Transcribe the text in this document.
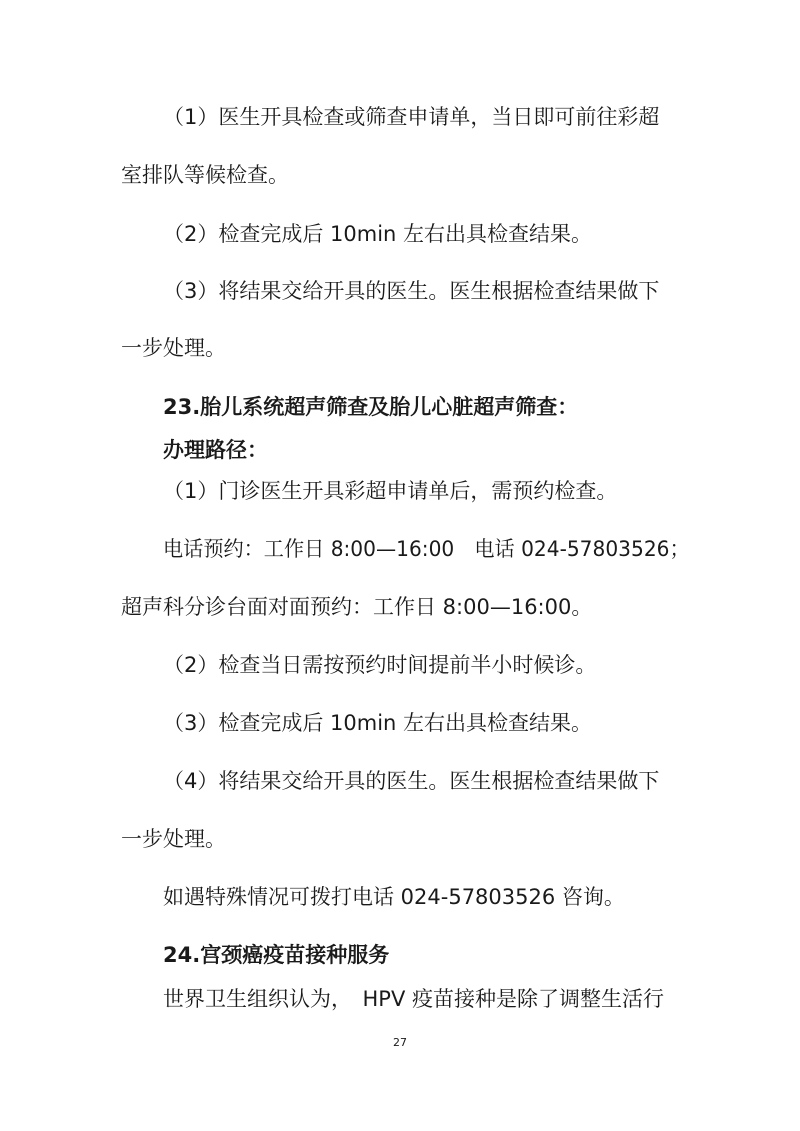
（1）医生开具检查或筛查申请单，当日即可前往彩超

室排队等候检查。

（2）检查完成后 10min 左右出具检查结果。

（3）将结果交给开具的医生。医生根据检查结果做下

一步处理。

23.胎儿系统超声筛查及胎儿心脏超声筛查：
办理路径：

（1）门诊医生开具彩超申请单后，需预约检查。

电话预约：工作日 8:00—16:00　电话 024-57803526；

超声科分诊台面对面预约：工作日 8:00—16:00。

（2）检查当日需按预约时间提前半小时候诊。

（3）检查完成后 10min 左右出具检查结果。

（4）将结果交给开具的医生。医生根据检查结果做下

一步处理。

如遇特殊情况可拨打电话 024-57803526 咨询。

24.宫颈癌疫苗接种服务

世界卫生组织认为，　HPV 疫苗接种是除了调整生活行

27
